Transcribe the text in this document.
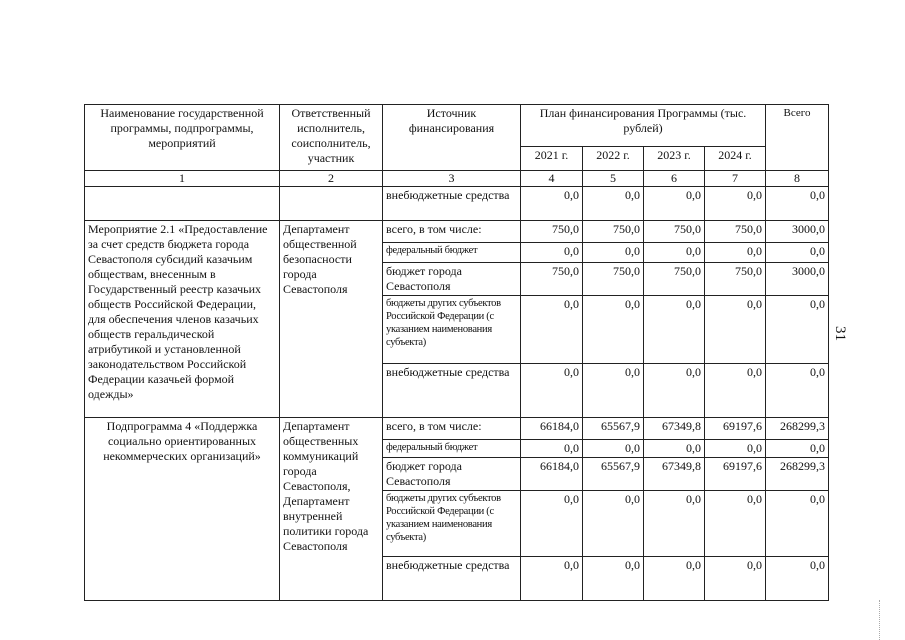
31
Наименование государственной программы, подпрограммы, мероприятий	Ответственный исполнитель, соисполнитель, участник	Источник финансирования	План финансирования Программы (тыс. рублей)				Всего
			2021 г.	2022 г.	2023 г.	2024 г.	
1	2	3	4	5	6	7	8
		внебюджетные средства	0,0	0,0	0,0	0,0	0,0
Мероприятие 2.1 «Предоставление за счет средств бюджета города Севастополя субсидий казачьим обществам, внесенным в Государственный реестр казачьих обществ Российской Федерации, для обеспечения членов казачьих обществ геральдической атрибутикой и установленной законодательством Российской Федерации казачьей формой одежды»	Департамент общественной безопасности города Севастополя	всего, в том числе:	750,0	750,0	750,0	750,0	3000,0
		федеральный бюджет	0,0	0,0	0,0	0,0	0,0
		бюджет города Севастополя	750,0	750,0	750,0	750,0	3000,0
		бюджеты других субъектов Российской Федерации (с указанием наименования субъекта)	0,0	0,0	0,0	0,0	0,0
		внебюджетные средства	0,0	0,0	0,0	0,0	0,0
Подпрограмма 4 «Поддержка социально ориентированных некоммерческих организаций»	Департамент общественных коммуникаций города Севастополя, Департамент внутренней политики города Севастополя	всего, в том числе:	66184,0	65567,9	67349,8	69197,6	268299,3
		федеральный бюджет	0,0	0,0	0,0	0,0	0,0
		бюджет города Севастополя	66184,0	65567,9	67349,8	69197,6	268299,3
		бюджеты других субъектов Российской Федерации (с указанием наименования субъекта)	0,0	0,0	0,0	0,0	0,0
		внебюджетные средства	0,0	0,0	0,0	0,0	0,0
